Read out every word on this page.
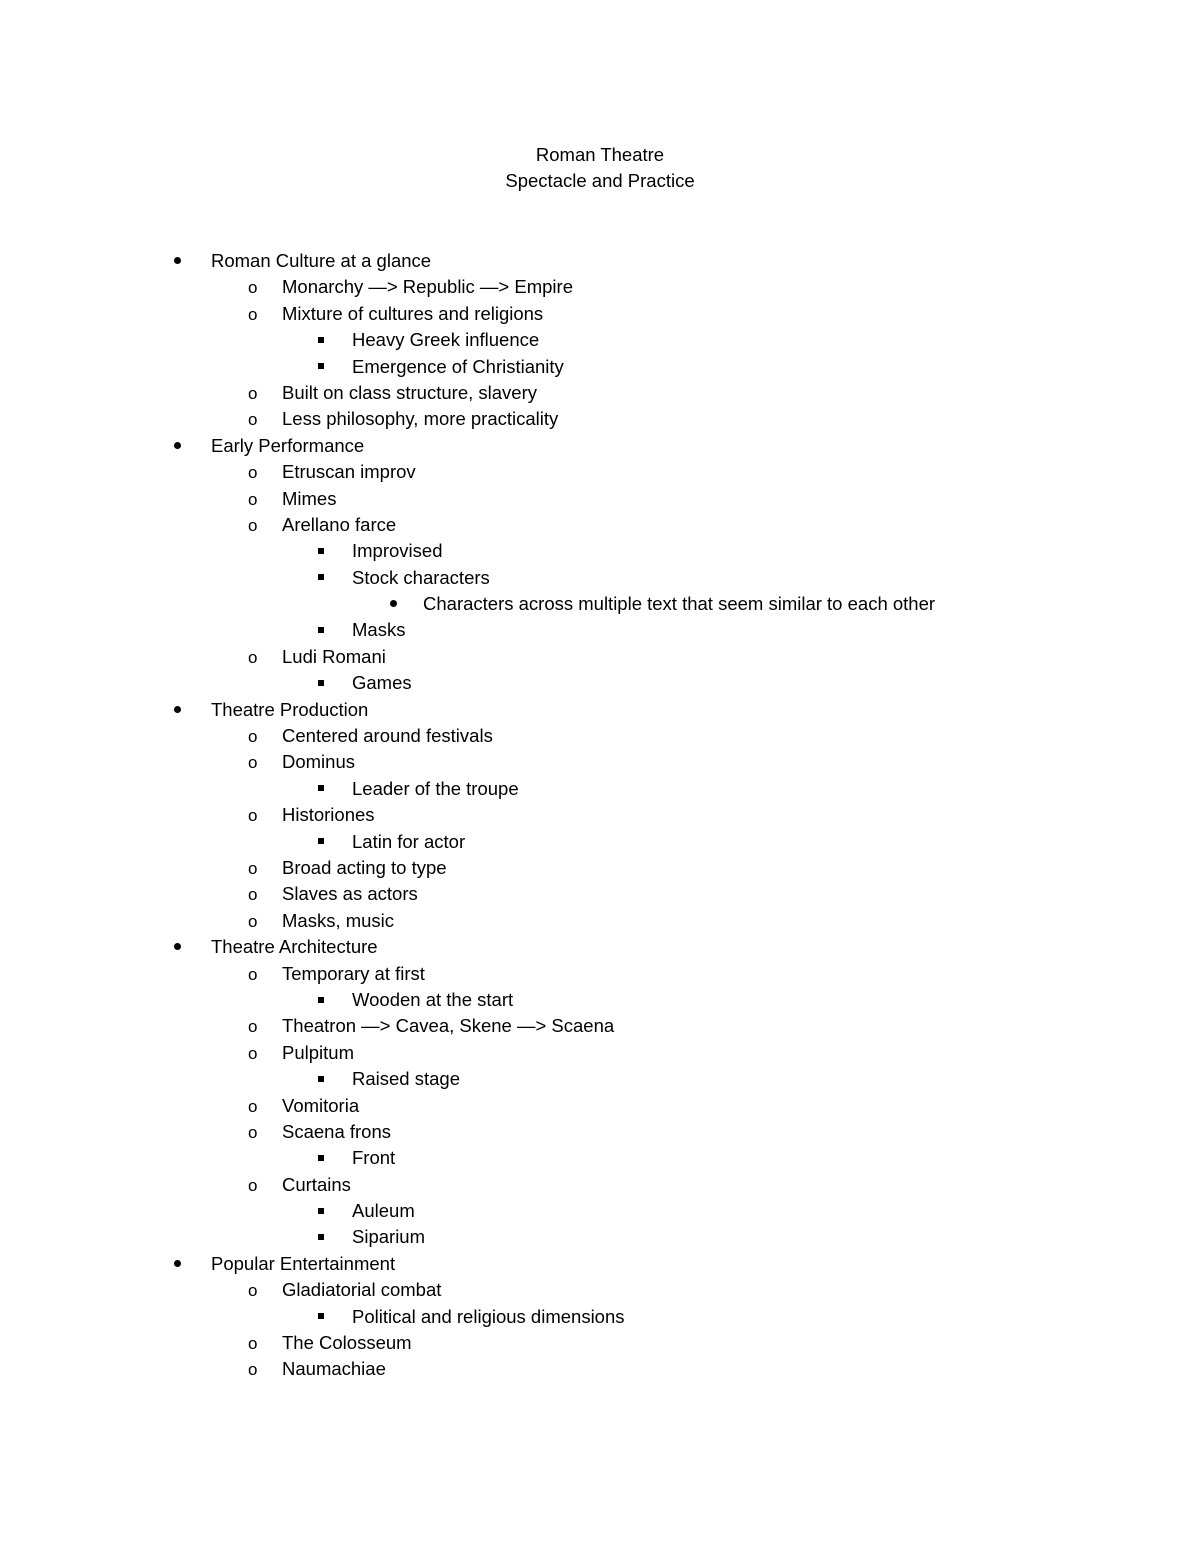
Roman Theatre
Spectacle and Practice
Roman Culture at a glance
o Monarchy —> Republic —> Empire
o Mixture of cultures and religions
Heavy Greek influence
Emergence of Christianity
o Built on class structure, slavery
o Less philosophy, more practicality
Early Performance
o Etruscan improv
o Mimes
o Arellano farce
Improvised
Stock characters
Characters across multiple text that seem similar to each other
Masks
o Ludi Romani
Games
Theatre Production
o Centered around festivals
o Dominus
Leader of the troupe
o Historiones
Latin for actor
o Broad acting to type
o Slaves as actors
o Masks, music
Theatre Architecture
o Temporary at first
Wooden at the start
o Theatron —> Cavea, Skene —> Scaena
o Pulpitum
Raised stage
o Vomitoria
o Scaena frons
Front
o Curtains
Auleum
Siparium
Popular Entertainment
o Gladiatorial combat
Political and religious dimensions
o The Colosseum
o Naumachiae
